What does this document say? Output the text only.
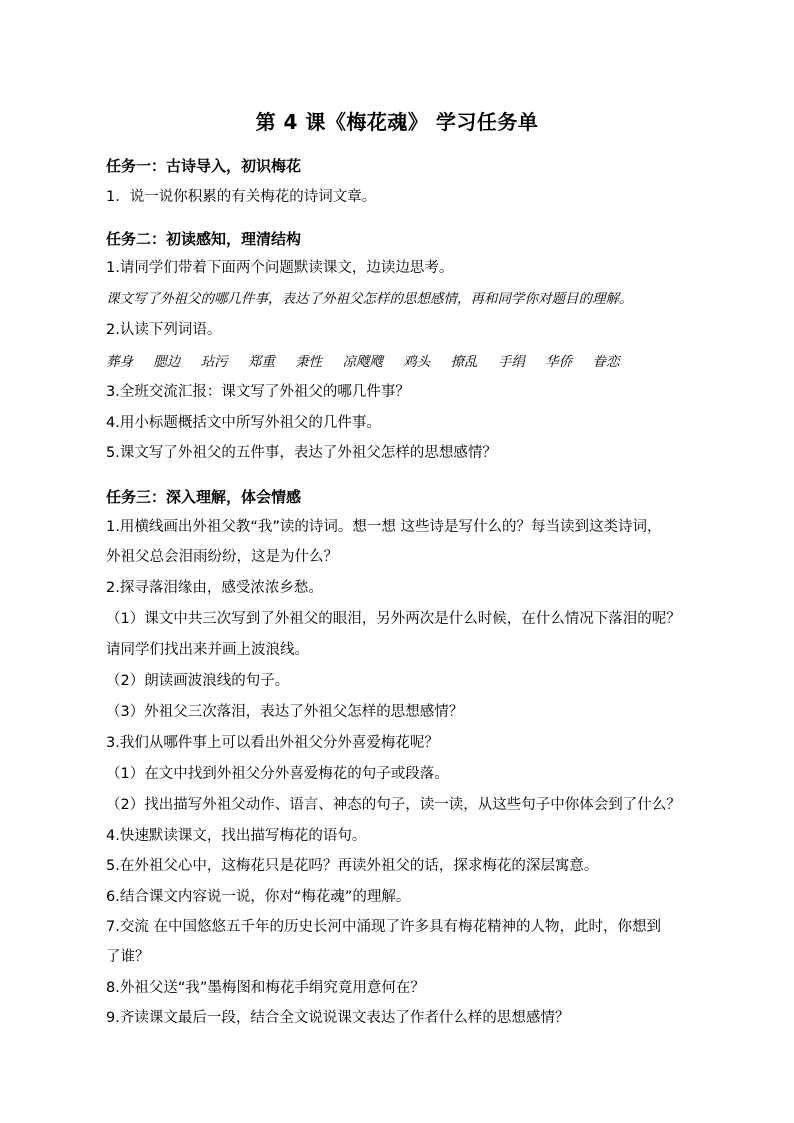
第 4 课《梅花魂》 学习任务单
任务一：古诗导入，初识梅花
1．说一说你积累的有关梅花的诗词文章。
任务二：初读感知，理清结构
1.请同学们带着下面两个问题默读课文，边读边思考。
课文写了外祖父的哪几件事，表达了外祖父怎样的思想感情，再和同学你对题目的理解。
2.认读下列词语。
葬身 腮边 玷污 郑重 秉性 凉飕飕 鸡头 撩乱 手绢 华侨 眷恋
3.全班交流汇报：课文写了外祖父的哪几件事？
4.用小标题概括文中所写外祖父的几件事。
5.课文写了外祖父的五件事，表达了外祖父怎样的思想感情？
任务三：深入理解，体会情感
1.用横线画出外祖父教“我”读的诗词。想一想 这些诗是写什么的？每当读到这类诗词，
外祖父总会泪雨纷纷，这是为什么？
2.探寻落泪缘由，感受浓浓乡愁。
（1）课文中共三次写到了外祖父的眼泪，另外两次是什么时候，在什么情况下落泪的呢？
请同学们找出来并画上波浪线。
（2）朗读画波浪线的句子。
（3）外祖父三次落泪，表达了外祖父怎样的思想感情？
3.我们从哪件事上可以看出外祖父分外喜爱梅花呢？
（1）在文中找到外祖父分外喜爱梅花的句子或段落。
（2）找出描写外祖父动作、语言、神态的句子，读一读，从这些句子中你体会到了什么？
4.快速默读课文，找出描写梅花的语句。
5.在外祖父心中，这梅花只是花吗？再读外祖父的话，探求梅花的深层寓意。
6.结合课文内容说一说，你对“梅花魂”的理解。
7.交流 在中国悠悠五千年的历史长河中涌现了许多具有梅花精神的人物，此时，你想到
了谁？
8.外祖父送“我”墨梅图和梅花手绢究竟用意何在？
9.齐读课文最后一段，结合全文说说课文表达了作者什么样的思想感情？
